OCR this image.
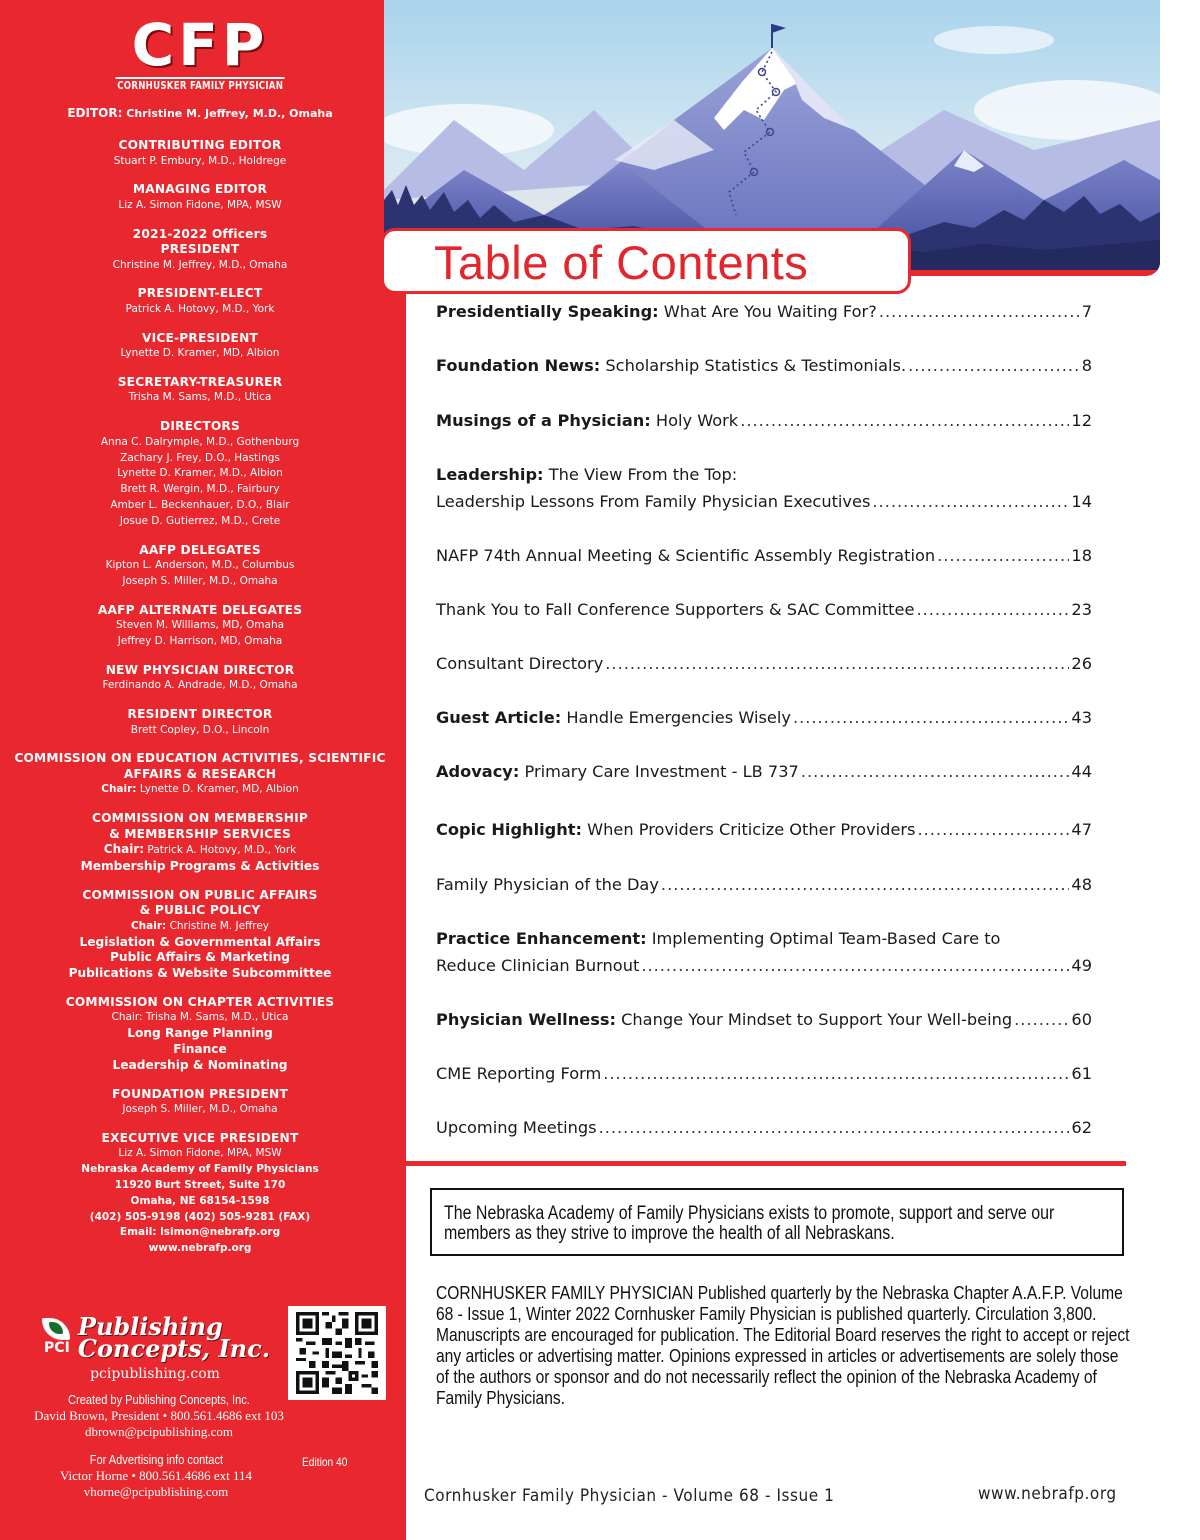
CFP
CORNHUSKER FAMILY PHYSICIAN
EDITOR: Christine M. Jeffrey, M.D., Omaha
CONTRIBUTING EDITOR
Stuart P. Embury, M.D., Holdrege
MANAGING EDITOR
Liz A. Simon Fidone, MPA, MSW
2021-2022 Officers
PRESIDENT
Christine M. Jeffrey, M.D., Omaha
PRESIDENT-ELECT
Patrick A. Hotovy, M.D., York
VICE-PRESIDENT
Lynette D. Kramer, MD, Albion
SECRETARY-TREASURER
Trisha M. Sams, M.D., Utica
DIRECTORS
Anna C. Dalrymple, M.D., Gothenburg
Zachary J. Frey, D.O., Hastings
Lynette D. Kramer, M.D., Albion
Brett R. Wergin, M.D., Fairbury
Amber L. Beckenhauer, D.O., Blair
Josue D. Gutierrez, M.D., Crete
AAFP DELEGATES
Kipton L. Anderson, M.D., Columbus
Joseph S. Miller, M.D., Omaha
AAFP ALTERNATE DELEGATES
Steven M. Williams, MD, Omaha
Jeffrey D. Harrison, MD, Omaha
NEW PHYSICIAN DIRECTOR
Ferdinando A. Andrade, M.D., Omaha
RESIDENT DIRECTOR
Brett Copley, D.O., Lincoln
COMMISSION ON EDUCATION ACTIVITIES, SCIENTIFIC
AFFAIRS & RESEARCH
Chair: Lynette D. Kramer, MD, Albion
COMMISSION ON MEMBERSHIP
& MEMBERSHIP SERVICES
Chair: Patrick A. Hotovy, M.D., York
Membership Programs & Activities
COMMISSION ON PUBLIC AFFAIRS
& PUBLIC POLICY
Chair: Christine M. Jeffrey
Legislation & Governmental Affairs
Public Affairs & Marketing
Publications & Website Subcommittee
COMMISSION ON CHAPTER ACTIVITIES
Chair: Trisha M. Sams, M.D., Utica
Long Range Planning
Finance
Leadership & Nominating
FOUNDATION PRESIDENT
Joseph S. Miller, M.D., Omaha
EXECUTIVE VICE PRESIDENT
Liz A. Simon Fidone, MPA, MSW
Nebraska Academy of Family Physicians
11920 Burt Street, Suite 170
Omaha, NE 68154-1598
(402) 505-9198 (402) 505-9281 (FAX)
Email: lsimon@nebrafp.org
www.nebrafp.org
PCI
Publishing
Concepts, Inc.
pcipublishing.com
Created by Publishing Concepts, Inc.
David Brown, President • 800.561.4686 ext 103
dbrown@pcipublishing.com
For Advertising info contact
Victor Horne • 800.561.4686 ext 114
vhorne@pcipublishing.com
Edition 40
Table of Contents
Presidentially Speaking: What Are You Waiting For? .....	7
Foundation News: Scholarship Statistics & Testimonials. .....	8
Musings of a Physician: Holy Work .....	12
Leadership: The View From the Top:
Leadership Lessons From Family Physician Executives .....	14
NAFP 74th Annual Meeting & Scientific Assembly Registration .....	18
Thank You to Fall Conference Supporters & SAC Committee .....	23
Consultant Directory .....	26
Guest Article: Handle Emergencies Wisely .....	43
Adovacy: Primary Care Investment - LB 737 .....	44
Copic Highlight: When Providers Criticize Other Providers .....	47
Family Physician of the Day .....	48
Practice Enhancement: Implementing Optimal Team-Based Care to
Reduce Clinician Burnout .....	49
Physician Wellness: Change Your Mindset to Support Your Well-being .....	60
CME Reporting Form .....	61
Upcoming Meetings .....	62
The Nebraska Academy of Family Physicians exists to promote, support and serve our members as they strive to improve the health of all Nebraskans.
CORNHUSKER FAMILY PHYSICIAN Published quarterly by the Nebraska Chapter A.A.F.P. Volume 68 - Issue 1, Winter 2022 Cornhusker Family Physician is published quarterly. Circulation 3,800. Manuscripts are encouraged for publication. The Editorial Board reserves the right to accept or reject any articles or advertising matter. Opinions expressed in articles or advertisements are solely those of the authors or sponsor and do not necessarily reflect the opinion of the Nebraska Academy of Family Physicians.
Cornhusker Family Physician - Volume 68 - Issue 1	www.nebrafp.org
